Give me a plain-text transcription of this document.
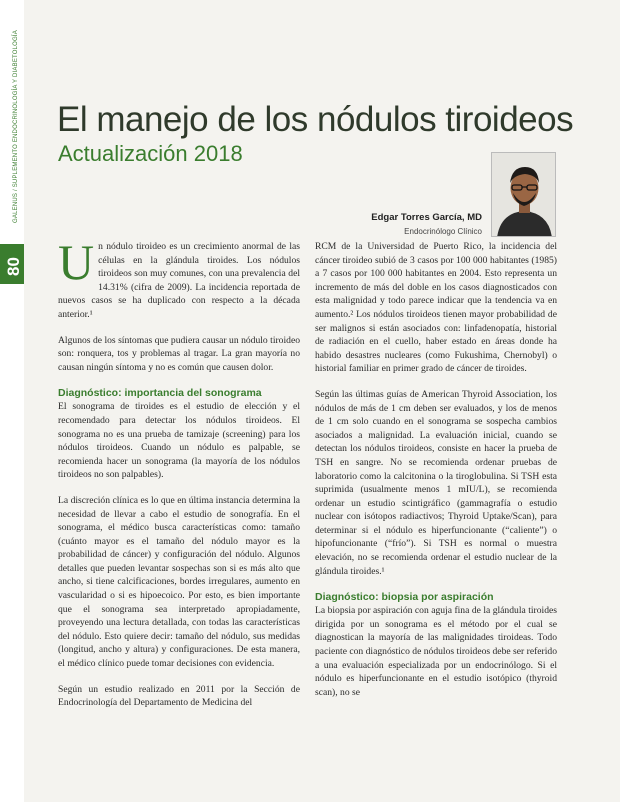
GALENUS / SUPLEMENTO ENDOCRINOLOGÍA Y DIABETOLOGÍA
80
El manejo de los nódulos tiroideos
Actualización 2018
Edgar Torres García, MD
Endocrinólogo Clínico

U n nódulo tiroideo es un crecimiento anormal de las células en la glándula tiroides. Los nódulos tiroideos son muy comunes, con una prevalencia del 14.31% (cifra de 2009). La incidencia reportada de nuevos casos se ha duplicado con respecto a la década anterior.¹

Algunos de los síntomas que pudiera causar un nódulo tiroideo son: ronquera, tos y problemas al tragar. La gran mayoría no causan ningún síntoma y no es común que causen dolor.

Diagnóstico: importancia del sonograma

El sonograma de tiroides es el estudio de elección y el recomendado para detectar los nódulos tiroideos. El sonograma no es una prueba de tamizaje (screening) para los nódulos tiroideos. Cuando un nódulo es palpable, se recomienda hacer un sonograma (la mayoría de los nódulos tiroideos no son palpables).

La discreción clínica es lo que en última instancia determina la necesidad de llevar a cabo el estudio de sonografía. En el sonograma, el médico busca características como: tamaño (cuánto mayor es el tamaño del nódulo mayor es la probabilidad de cáncer) y configuración del nódulo. Algunos detalles que pueden levantar sospechas son si es más alto que ancho, si tiene calcificaciones, bordes irregulares, aumento en vascularidad o si es hipoecoico. Por esto, es bien importante que el sonograma sea interpretado apropiadamente, proveyendo una lectura detallada, con todas las características del nódulo. Esto quiere decir: tamaño del nódulo, sus medidas (longitud, ancho y altura) y configuraciones. De esta manera, el médico clínico puede tomar decisiones con evidencia.

Según un estudio realizado en 2011 por la Sección de Endocrinología del Departamento de Medicina del

RCM de la Universidad de Puerto Rico, la incidencia del cáncer tiroideo subió de 3 casos por 100 000 habitantes (1985) a 7 casos por 100 000 habitantes en 2004. Esto representa un incremento de más del doble en los casos diagnosticados con esta malignidad y todo parece indicar que la tendencia va en aumento.² Los nódulos tiroideos tienen mayor probabilidad de ser malignos si están asociados con: linfadenopatía, historial de radiación en el cuello, haber estado en áreas donde ha habido desastres nucleares (como Fukushima, Chernobyl) o historial familiar en primer grado de cáncer de tiroides.

Según las últimas guías de American Thyroid Association, los nódulos de más de 1 cm deben ser evaluados, y los de menos de 1 cm solo cuando en el sonograma se sospecha cambios asociados a malignidad. La evaluación inicial, cuando se detectan los nódulos tiroideos, consiste en hacer la prueba de TSH en sangre. No se recomienda ordenar pruebas de laboratorio como la calcitonina o la tiroglobulina. Si TSH esta suprimida (usualmente menos 1 mIU/L), se recomienda ordenar un estudio scintigráfico (gammagrafía o estudio nuclear con isótopos radiactivos; Thyroid Uptake/Scan), para determinar si el nódulo es hiperfuncionante (“caliente”) o hipofuncionante (“frío”). Si TSH es normal o muestra elevación, no se recomienda ordenar el estudio nuclear de la glándula tiroides.¹

Diagnóstico: biopsia por aspiración

La biopsia por aspiración con aguja fina de la glándula tiroides dirigida por un sonograma es el método por el cual se diagnostican la mayoría de las malignidades tiroideas. Todo paciente con diagnóstico de nódulos tiroideos debe ser referido a una evaluación especializada por un endocrinólogo. Si el nódulo es hiperfuncionante en el estudio isotópico (thyroid scan), no se
